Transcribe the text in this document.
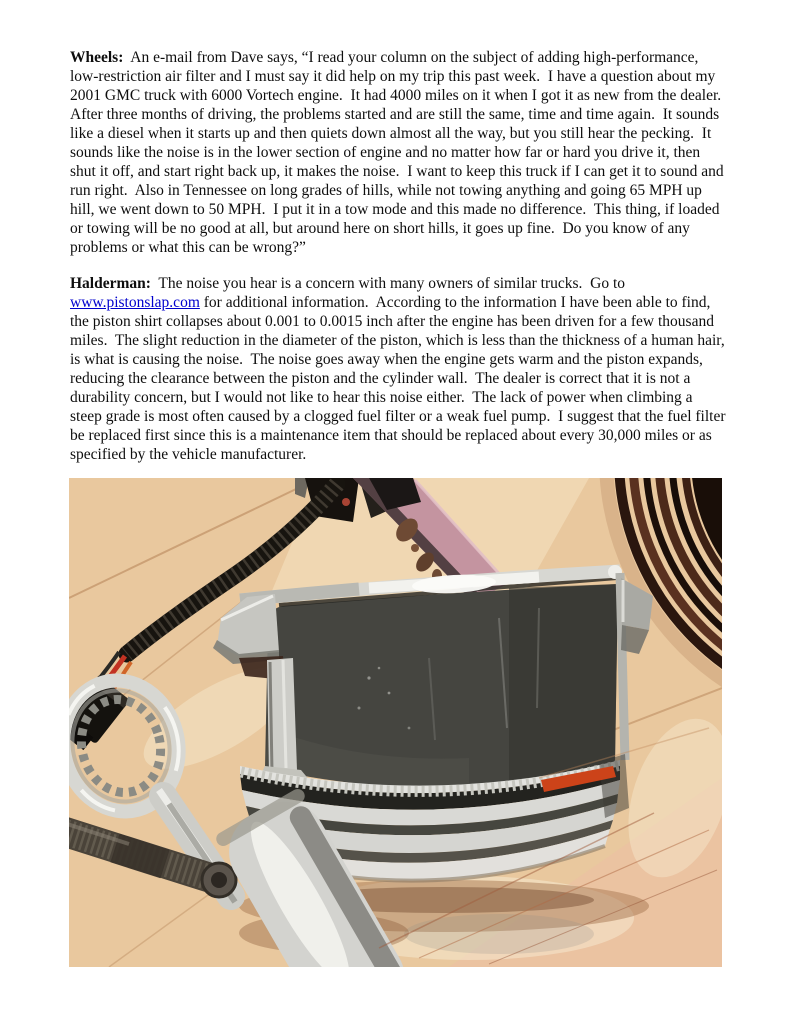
Wheels:  An e-mail from Dave says, “I read your column on the subject of adding high-performance, low-restriction air filter and I must say it did help on my trip this past week.  I have a question about my 2001 GMC truck with 6000 Vortech engine.  It had 4000 miles on it when I got it as new from the dealer.  After three months of driving, the problems started and are still the same, time and time again.  It sounds like a diesel when it starts up and then quiets down almost all the way, but you still hear the pecking.  It sounds like the noise is in the lower section of engine and no matter how far or hard you drive it, then shut it off, and start right back up, it makes the noise.  I want to keep this truck if I can get it to sound and run right.  Also in Tennessee on long grades of hills, while not towing anything and going 65 MPH up hill, we went down to 50 MPH.  I put it in a tow mode and this made no difference.  This thing, if loaded or towing will be no good at all, but around here on short hills, it goes up fine.  Do you know of any problems or what this can be wrong?”

Halderman:  The noise you hear is a concern with many owners of similar trucks.  Go to www.pistonslap.com for additional information.  According to the information I have been able to find, the piston shirt collapses about 0.001 to 0.0015 inch after the engine has been driven for a few thousand miles.  The slight reduction in the diameter of the piston, which is less than the thickness of a human hair, is what is causing the noise.  The noise goes away when the engine gets warm and the piston expands, reducing the clearance between the piston and the cylinder wall.  The dealer is correct that it is not a durability concern, but I would not like to hear this noise either.  The lack of power when climbing a steep grade is most often caused by a clogged fuel filter or a weak fuel pump.  I suggest that the fuel filter be replaced first since this is a maintenance item that should be replaced about every 30,000 miles or as specified by the vehicle manufacturer.
